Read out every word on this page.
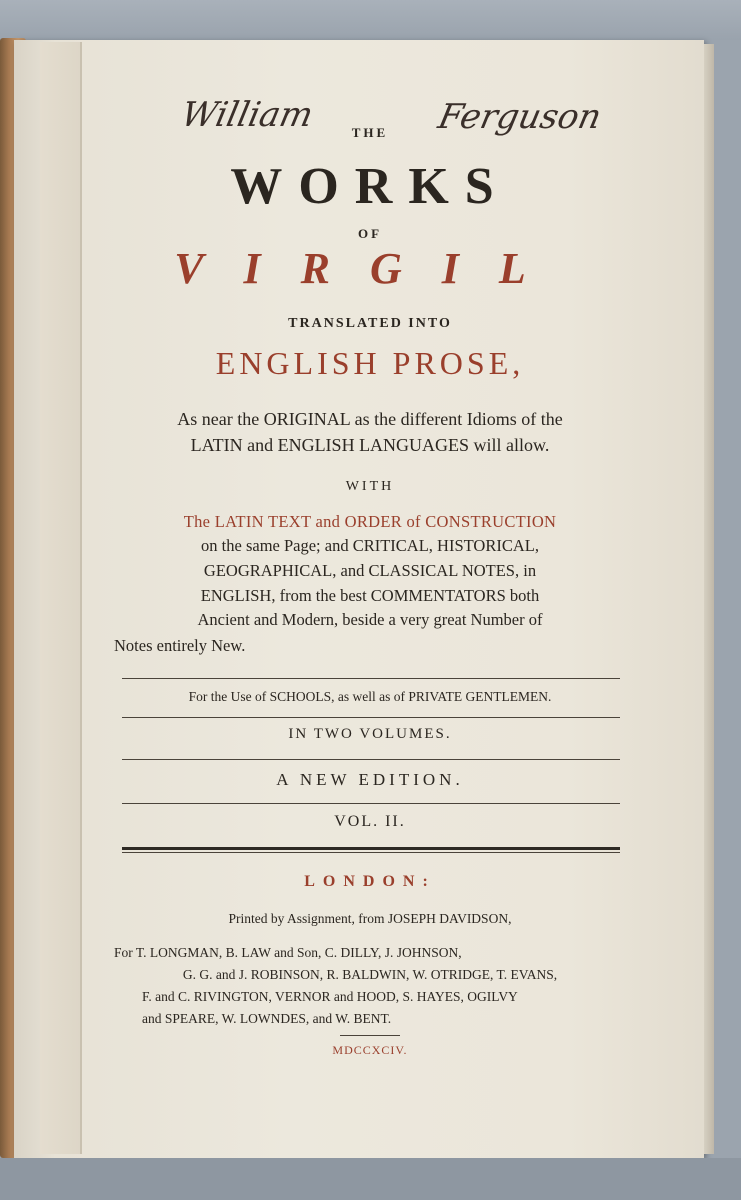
William	Ferguson
THE
WORKS
OF
VIRGIL
TRANSLATED INTO
ENGLISH PROSE,
As near the ORIGINAL as the different Idioms of the
LATIN and ENGLISH LANGUAGES will allow.
WITH
The LATIN TEXT and ORDER of CONSTRUCTION
on the same Page; and CRITICAL, HISTORICAL,
GEOGRAPHICAL, and CLASSICAL NOTES, in
ENGLISH, from the best COMMENTATORS both
Ancient and Modern, beside a very great Number of
Notes entirely New.
For the Use of SCHOOLS, as well as of PRIVATE GENTLEMEN.
IN TWO VOLUMES.
A NEW EDITION.
VOL. II.
LONDON:
Printed by Assignment, from JOSEPH DAVIDSON,
For T. LONGMAN, B. LAW and Son, C. DILLY, J. JOHNSON,
G. G. and J. ROBINSON, R. BALDWIN, W. OTRIDGE, T. EVANS,
F. and C. RIVINGTON, VERNOR and HOOD, S. HAYES, OGILVY
and SPEARE, W. LOWNDES, and W. BENT.
MDCCXCIV.
